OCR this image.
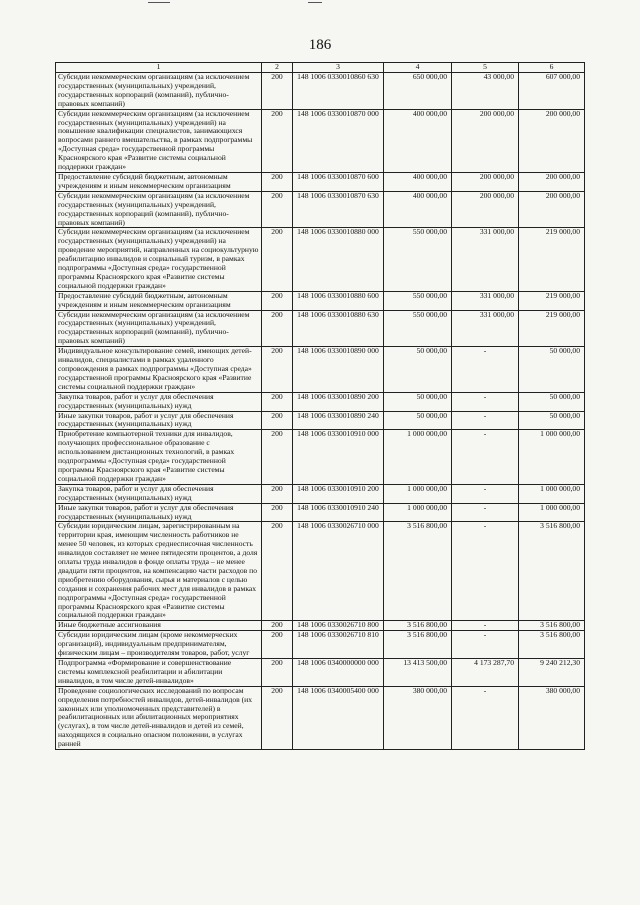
186
1	2	3	4	5	6
Субсидии некоммерческим организациям (за исключением государственных (муниципальных) учреждений, государственных корпораций (компаний), публично-правовых компаний)	200	148 1006 0330010860 630	650 000,00	43 000,00	607 000,00
Субсидии некоммерческим организациям (за исключением государственных (муниципальных) учреждений) на повышение квалификации специалистов, занимающихся вопросами раннего вмешательства, в рамках подпрограммы «Доступная среда» государственной программы Красноярского края «Развитие системы социальной поддержки граждан»	200	148 1006 0330010870 000	400 000,00	200 000,00	200 000,00
Предоставление субсидий бюджетным, автономным учреждениям и иным некоммерческим организациям	200	148 1006 0330010870 600	400 000,00	200 000,00	200 000,00
Субсидии некоммерческим организациям (за исключением государственных (муниципальных) учреждений, государственных корпораций (компаний), публично-правовых компаний)	200	148 1006 0330010870 630	400 000,00	200 000,00	200 000,00
Субсидии некоммерческим организациям (за исключением государственных (муниципальных) учреждений) на проведение мероприятий, направленных на социокультурную реабилитацию инвалидов и социальный туризм, в рамках подпрограммы «Доступная среда» государственной программы Красноярского края «Развитие системы социальной поддержки граждан»	200	148 1006 0330010880 000	550 000,00	331 000,00	219 000,00
Предоставление субсидий бюджетным, автономным учреждениям и иным некоммерческим организациям	200	148 1006 0330010880 600	550 000,00	331 000,00	219 000,00
Субсидии некоммерческим организациям (за исключением государственных (муниципальных) учреждений, государственных корпораций (компаний), публично-правовых компаний)	200	148 1006 0330010880 630	550 000,00	331 000,00	219 000,00
Индивидуальное консультирование семей, имеющих детей-инвалидов, специалистами в рамках удаленного сопровождения в рамках подпрограммы «Доступная среда» государственной программы Красноярского края «Развитие системы социальной поддержки граждан»	200	148 1006 0330010890 000	50 000,00	-	50 000,00
Закупка товаров, работ и услуг для обеспечения государственных (муниципальных) нужд	200	148 1006 0330010890 200	50 000,00	-	50 000,00
Иные закупки товаров, работ и услуг для обеспечения государственных (муниципальных) нужд	200	148 1006 0330010890 240	50 000,00	-	50 000,00
Приобретение компьютерной техники для инвалидов, получающих профессиональное образование с использованием дистанционных технологий, в рамках подпрограммы «Доступная среда» государственной программы Красноярского края «Развитие системы социальной поддержки граждан»	200	148 1006 0330010910 000	1 000 000,00	-	1 000 000,00
Закупка товаров, работ и услуг для обеспечения государственных (муниципальных) нужд	200	148 1006 0330010910 200	1 000 000,00	-	1 000 000,00
Иные закупки товаров, работ и услуг для обеспечения государственных (муниципальных) нужд	200	148 1006 0330010910 240	1 000 000,00	-	1 000 000,00
Субсидии юридическим лицам, зарегистрированным на территории края, имеющим численность работников не менее 50 человек, из которых среднесписочная численность инвалидов составляет не менее пятидесяти процентов, а доля оплаты труда инвалидов в фонде оплаты труда – не менее двадцати пяти процентов, на компенсацию части расходов по приобретению оборудования, сырья и материалов с целью создания и сохранения рабочих мест для инвалидов в рамках подпрограммы «Доступная среда» государственной программы Красноярского края «Развитие системы социальной поддержки граждан»	200	148 1006 0330026710 000	3 516 800,00	-	3 516 800,00
Иные бюджетные ассигнования	200	148 1006 0330026710 800	3 516 800,00	-	3 516 800,00
Субсидии юридическим лицам (кроме некоммерческих организаций), индивидуальным предпринимателям, физическим лицам – производителям товаров, работ, услуг	200	148 1006 0330026710 810	3 516 800,00	-	3 516 800,00
Подпрограмма «Формирование и совершенствование системы комплексной реабилитации и абилитации инвалидов, в том числе детей-инвалидов»	200	148 1006 0340000000 000	13 413 500,00	4 173 287,70	9 240 212,30
Проведение социологических исследований по вопросам определения потребностей инвалидов, детей-инвалидов (их законных или уполномоченных представителей) в реабилитационных или абилитационных мероприятиях (услугах), в том числе детей-инвалидов и детей из семей, находящихся в социально опасном положении, в услугах ранней	200	148 1006 0340005400 000	380 000,00	-	380 000,00
